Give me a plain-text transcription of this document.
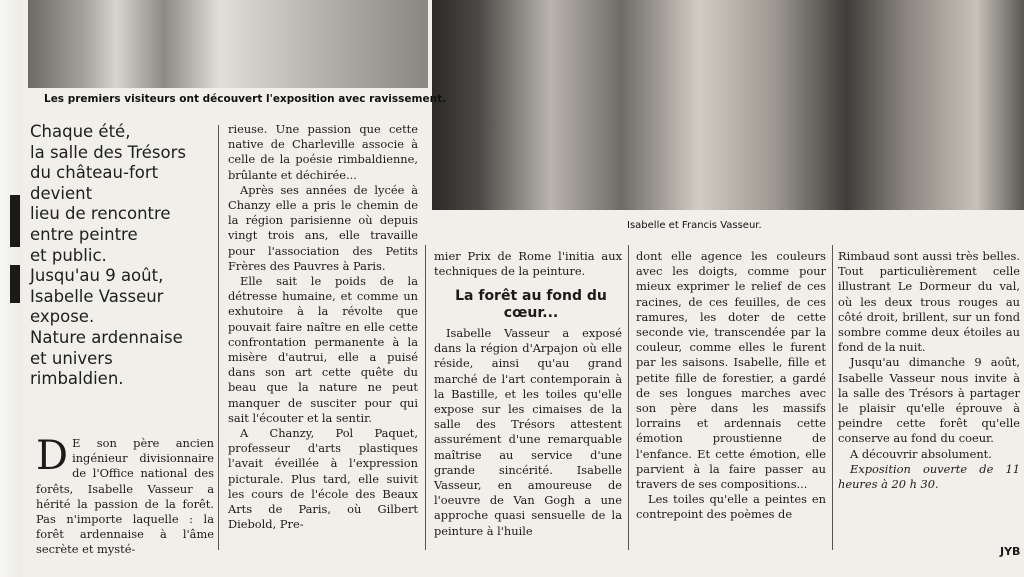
Les premiers visiteurs ont découvert l'exposition avec ravissement.
Isabelle et Francis Vasseur.
Chaque été,
la salle des Trésors
du château-fort
devient
lieu de rencontre
entre peintre
et public.
Jusqu'au 9 août,
Isabelle Vasseur
expose.
Nature ardennaise
et univers
rimbaldien.
D E son père ancien ingénieur divisionnaire de l'Office national des forêts, Isabelle Vasseur a hérité la passion de la forêt. Pas n'importe laquelle : la forêt ardennaise à l'âme secrète et mysté-

rieuse. Une passion que cette native de Charleville associe à celle de la poésie rimbaldienne, brûlante et déchirée...

Après ses années de lycée à Chanzy elle a pris le chemin de la région parisienne où depuis vingt trois ans, elle travaille pour l'association des Petits Frères des Pauvres à Paris.

Elle sait le poids de la détresse humaine, et comme un exhutoire à la révolte que pouvait faire naître en elle cette confrontation permanente à la misère d'autrui, elle a puisé dans son art cette quête du beau que la nature ne peut manquer de susciter pour qui sait l'écouter et la sentir.

A Chanzy, Pol Paquet, professeur d'arts plastiques l'avait éveillée à l'expression picturale. Plus tard, elle suivit les cours de l'école des Beaux Arts de Paris, où Gilbert Diebold, Pre-

mier Prix de Rome l'initia aux techniques de la peinture.

La forêt au fond du cœur...

Isabelle Vasseur a exposé dans la région d'Arpajon où elle réside, ainsi qu'au grand marché de l'art contemporain à la Bastille, et les toiles qu'elle expose sur les cimaises de la salle des Trésors attestent assurément d'une remarquable maîtrise au service d'une grande sincérité. Isabelle Vasseur, en amoureuse de l'oeuvre de Van Gogh a une approche quasi sensuelle de la peinture à l'huile

dont elle agence les couleurs avec les doigts, comme pour mieux exprimer le relief de ces racines, de ces feuilles, de ces ramures, les doter de cette seconde vie, transcendée par la couleur, comme elles le furent par les saisons. Isabelle, fille et petite fille de forestier, a gardé de ses longues marches avec son père dans les massifs lorrains et ardennais cette émotion proustienne de l'enfance. Et cette émotion, elle parvient à la faire passer au travers de ses compositions...

Les toiles qu'elle a peintes en contrepoint des poèmes de

Rimbaud sont aussi très belles. Tout particulièrement celle illustrant Le Dormeur du val, où les deux trous rouges au côté droit, brillent, sur un fond sombre comme deux étoiles au fond de la nuit.

Jusqu'au dimanche 9 août, Isabelle Vasseur nous invite à la salle des Trésors à partager le plaisir qu'elle éprouve à peindre cette forêt qu'elle conserve au fond du coeur.

A découvrir absolument.

Exposition ouverte de 11 heures à 20 h 30.

JYB
